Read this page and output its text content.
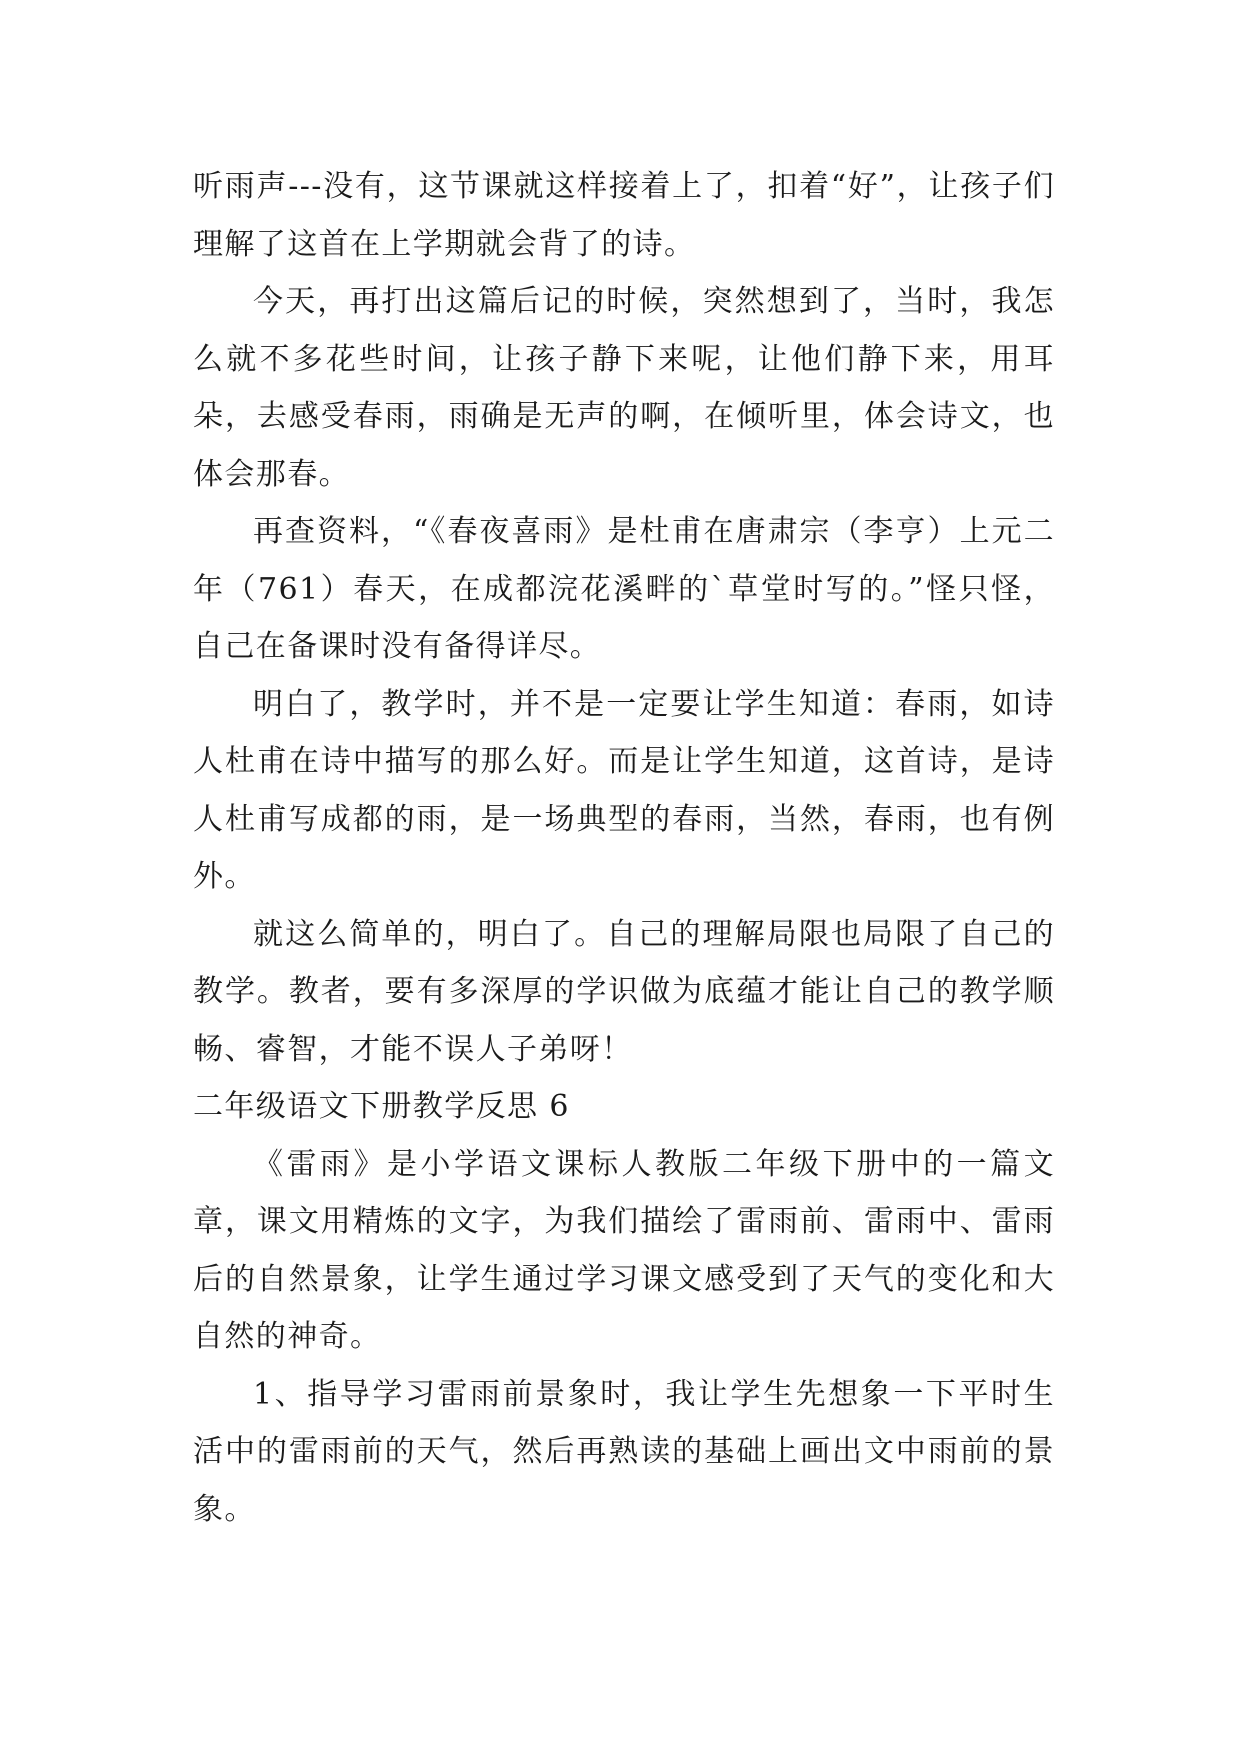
听雨声---没有，这节课就这样接着上了，扣着“好”，让孩子们理解了这首在上学期就会背了的诗。

今天，再打出这篇后记的时候，突然想到了，当时，我怎么就不多花些时间，让孩子静下来呢，让他们静下来，用耳朵，去感受春雨，雨确是无声的啊，在倾听里，体会诗文，也体会那春。

再查资料，“《春夜喜雨》是杜甫在唐肃宗（李亨）上元二年（761）春天，在成都浣花溪畔的`草堂时写的。”怪只怪，自己在备课时没有备得详尽。

明白了，教学时，并不是一定要让学生知道：春雨，如诗人杜甫在诗中描写的那么好。而是让学生知道，这首诗，是诗人杜甫写成都的雨，是一场典型的春雨，当然，春雨，也有例外。

就这么简单的，明白了。自己的理解局限也局限了自己的教学。教者，要有多深厚的学识做为底蕴才能让自己的教学顺畅、睿智，才能不误人子弟呀！

二年级语文下册教学反思 6

《雷雨》是小学语文课标人教版二年级下册中的一篇文章，课文用精炼的文字，为我们描绘了雷雨前、雷雨中、雷雨后的自然景象，让学生通过学习课文感受到了天气的变化和大自然的神奇。

1、指导学习雷雨前景象时，我让学生先想象一下平时生活中的雷雨前的天气，然后再熟读的基础上画出文中雨前的景象。
